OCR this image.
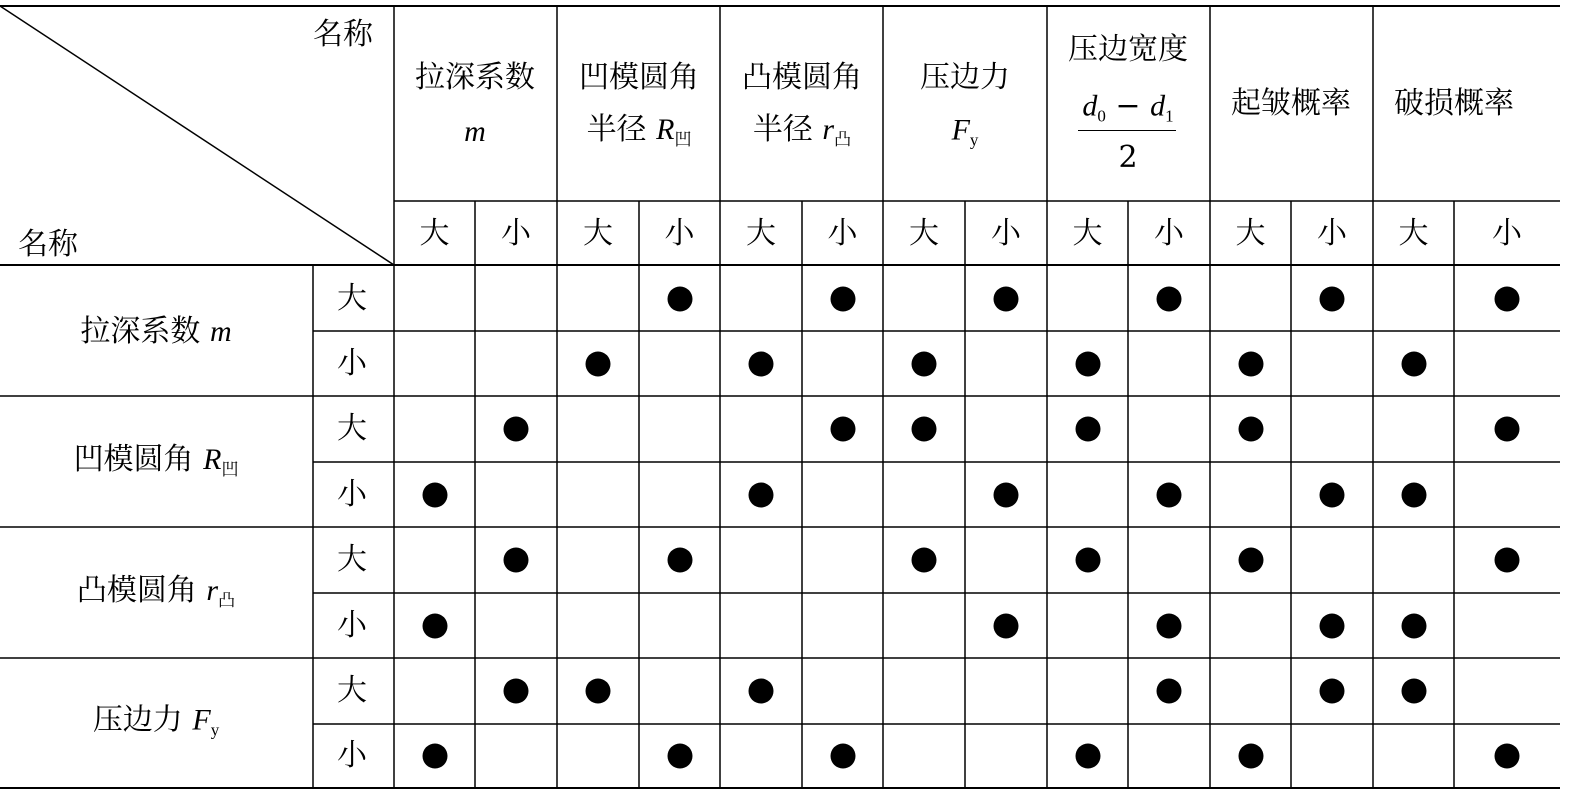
名称
名称
拉深系数
m
凹模圆角
半径 $R_凹$
凸模圆角
半径 $r_凸$
压边力
$F_y$
压边宽度
$d_0 - d_1$
2
起皱概率 破损概率
拉深系数 m
凹模圆角 $R_凹$
凸模圆角 $r_凸$
压边力 $F_y$
大 小 大 小 大 小 大 小 大 小 大 小 大 小
大
小
大
小
大
小
大
小
